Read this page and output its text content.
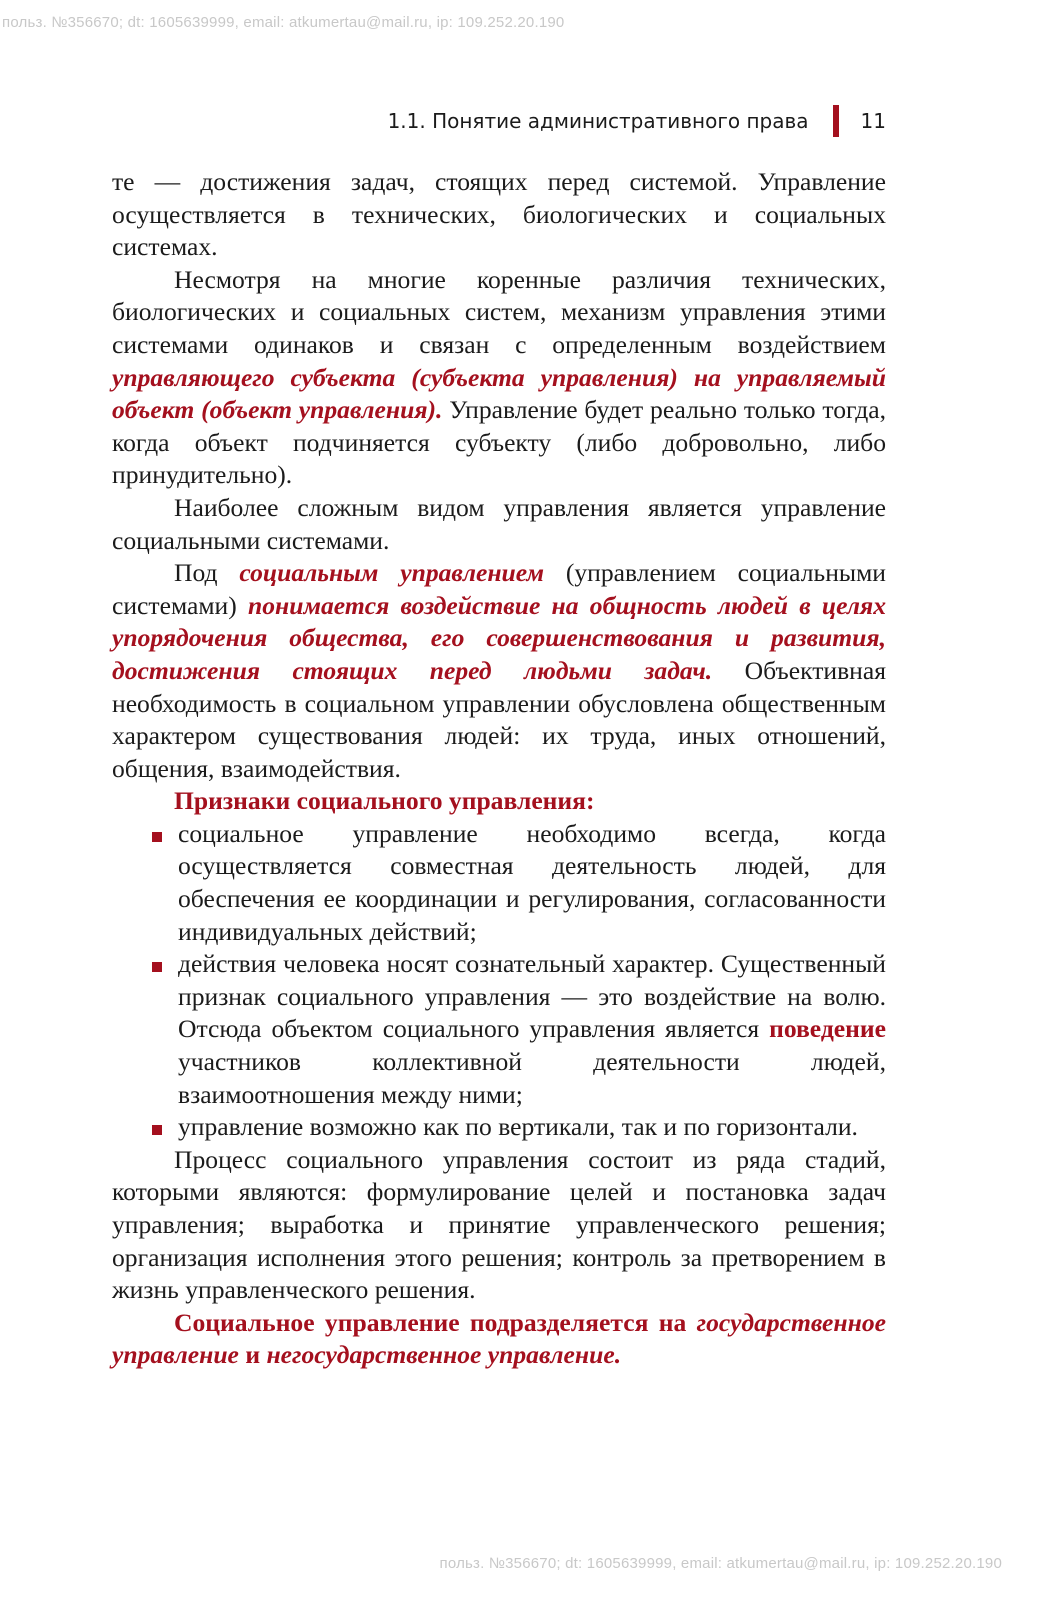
польз. №356670; dt: 1605639999, email: atkumertau@mail.ru, ip: 109.252.20.190
1.1. Понятие административного права	11

те — достижения задач, стоящих перед системой. Управление осуществляется в технических, биологических и социальных системах.

Несмотря на многие коренные различия технических, биологических и социальных систем, механизм управления этими системами одинаков и связан с определенным воздействием управляющего субъекта (субъекта управления) на управляемый объект (объект управления). Управление будет реально только тогда, когда объект подчиняется субъекту (либо добровольно, либо принудительно).

Наиболее сложным видом управления является управление социальными системами.

Под социальным управлением (управлением социальными системами) понимается воздействие на общность людей в целях упорядочения общества, его совершенствования и развития, достижения стоящих перед людьми задач. Объективная необходимость в социальном управлении обусловлена общественным характером существования людей: их труда, иных отношений, общения, взаимодействия.

Признаки социального управления:

социальное управление необходимо всегда, когда осуществляется совместная деятельность людей, для обеспечения ее координации и регулирования, согласованности индивидуальных действий;
действия человека носят сознательный характер. Существенный признак социального управления — это воздействие на волю. Отсюда объектом социального управления является поведение участников коллективной деятельности людей, взаимоотношения между ними;
управление возможно как по вертикали, так и по горизонтали.

Процесс социального управления состоит из ряда стадий, которыми являются: формулирование целей и постановка задач управления; выработка и принятие управленческого решения; организация исполнения этого решения; контроль за претворением в жизнь управленческого решения.

Социальное управление подразделяется на государственное управление и негосударственное управление.

польз. №356670; dt: 1605639999, email: atkumertau@mail.ru, ip: 109.252.20.190
